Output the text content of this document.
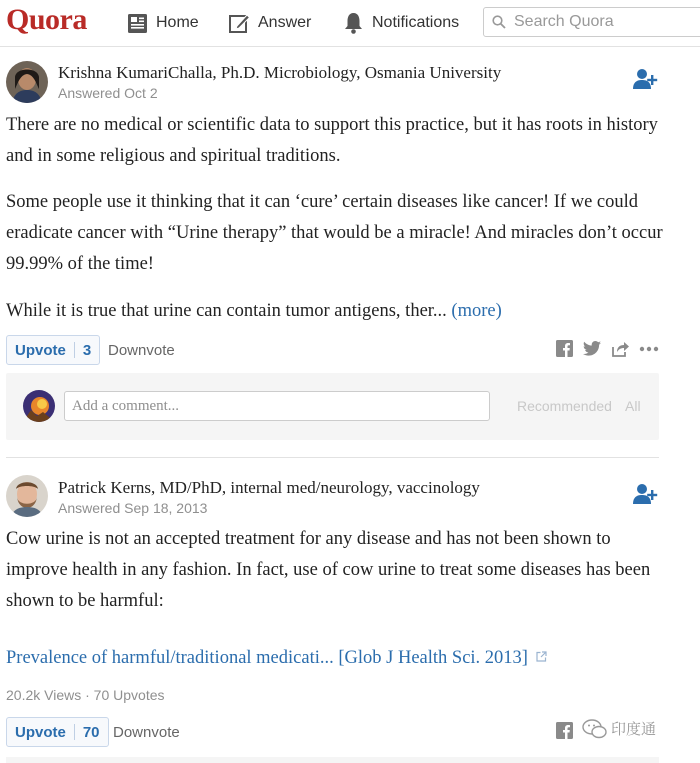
Quora	Home	Answer	Notifications
Search Quora
Krishna KumariChalla, Ph.D. Microbiology, Osmania University
Answered Oct 2

There are no medical or scientific data to support this practice, but it has roots in history and in some religious and spiritual traditions.

Some people use it thinking that it can ‘cure’ certain diseases like cancer! If we could eradicate cancer with “Urine therapy” that would be a miracle! And miracles don’t occur 99.99% of the time!

While it is true that urine can contain tumor antigens, ther... (more)

Upvote	3	Downvote
Add a comment...
Recommended All
Patrick Kerns, MD/PhD, internal med/neurology, vaccinology
Answered Sep 18, 2013

Cow urine is not an accepted treatment for any disease and has not been shown to improve health in any fashion. In fact, use of cow urine to treat some diseases has been shown to be harmful:

Prevalence of harmful/traditional medicati... [Glob J Health Sci. 2013]
20.2k Views · 70 Upvotes
Upvote	70 Downvote	印度通
